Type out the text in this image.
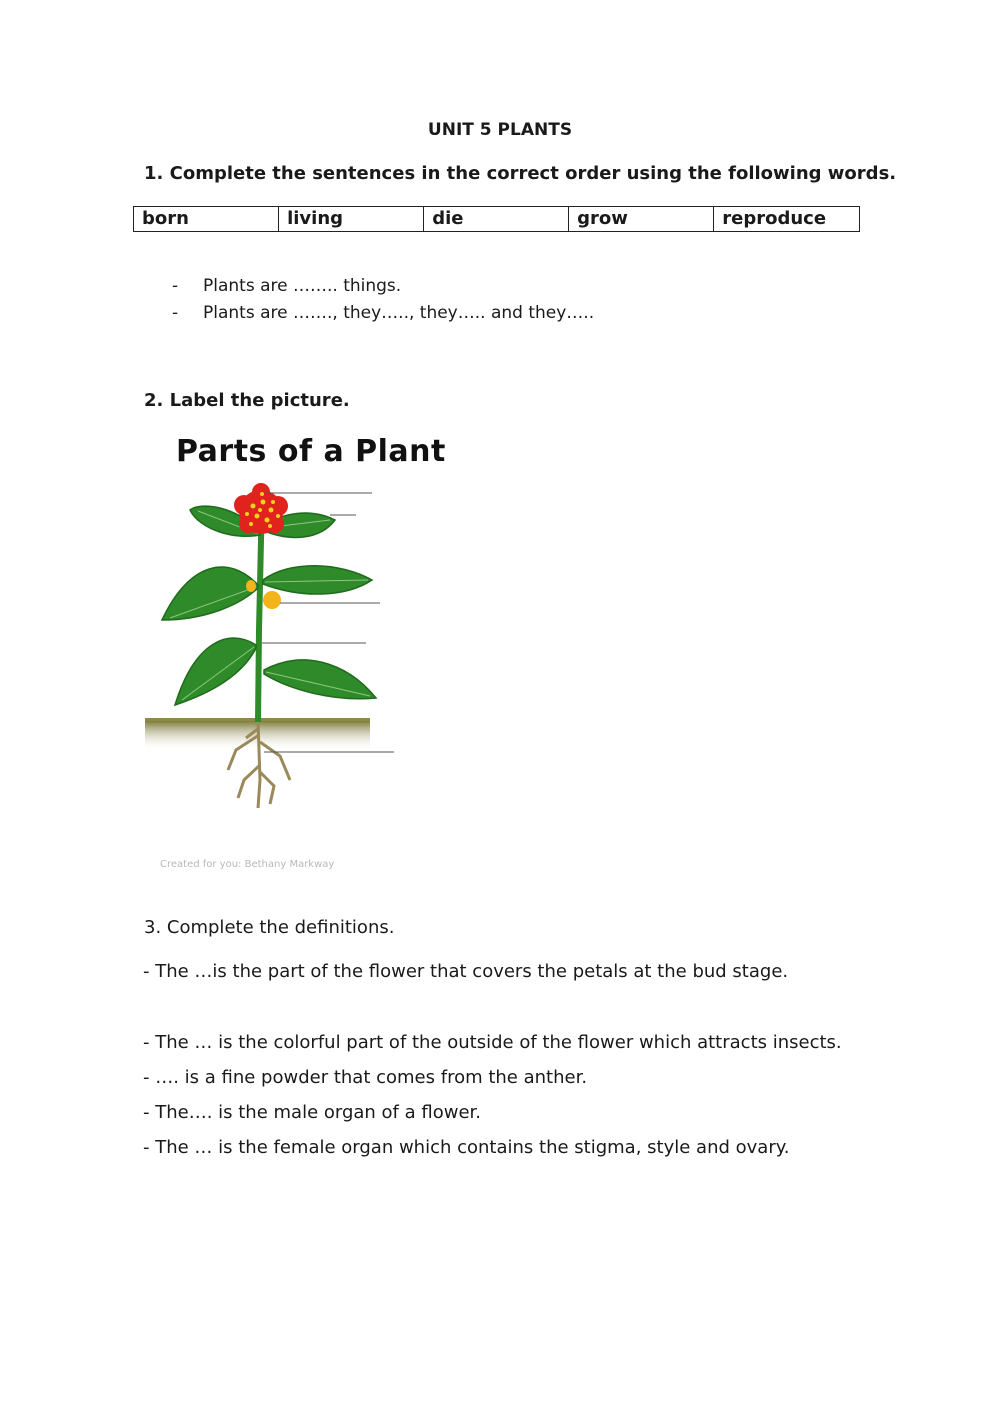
UNIT 5 PLANTS
1. Complete the sentences in the correct order using the following words.
born	living	die	grow	reproduce
- Plants are …….. things.
- Plants are ……., they….., they….. and they…..
2. Label the picture.
Parts of a Plant
Created for you: Bethany Markway
3. Complete the definitions.
- The …is the part of the flower that covers the petals at the bud stage.
- The … is the colorful part of the outside of the flower which attracts insects.
- …. is a fine powder that comes from the anther.
- The…. is the male organ of a flower.
- The … is the female organ which contains the stigma, style and ovary.
